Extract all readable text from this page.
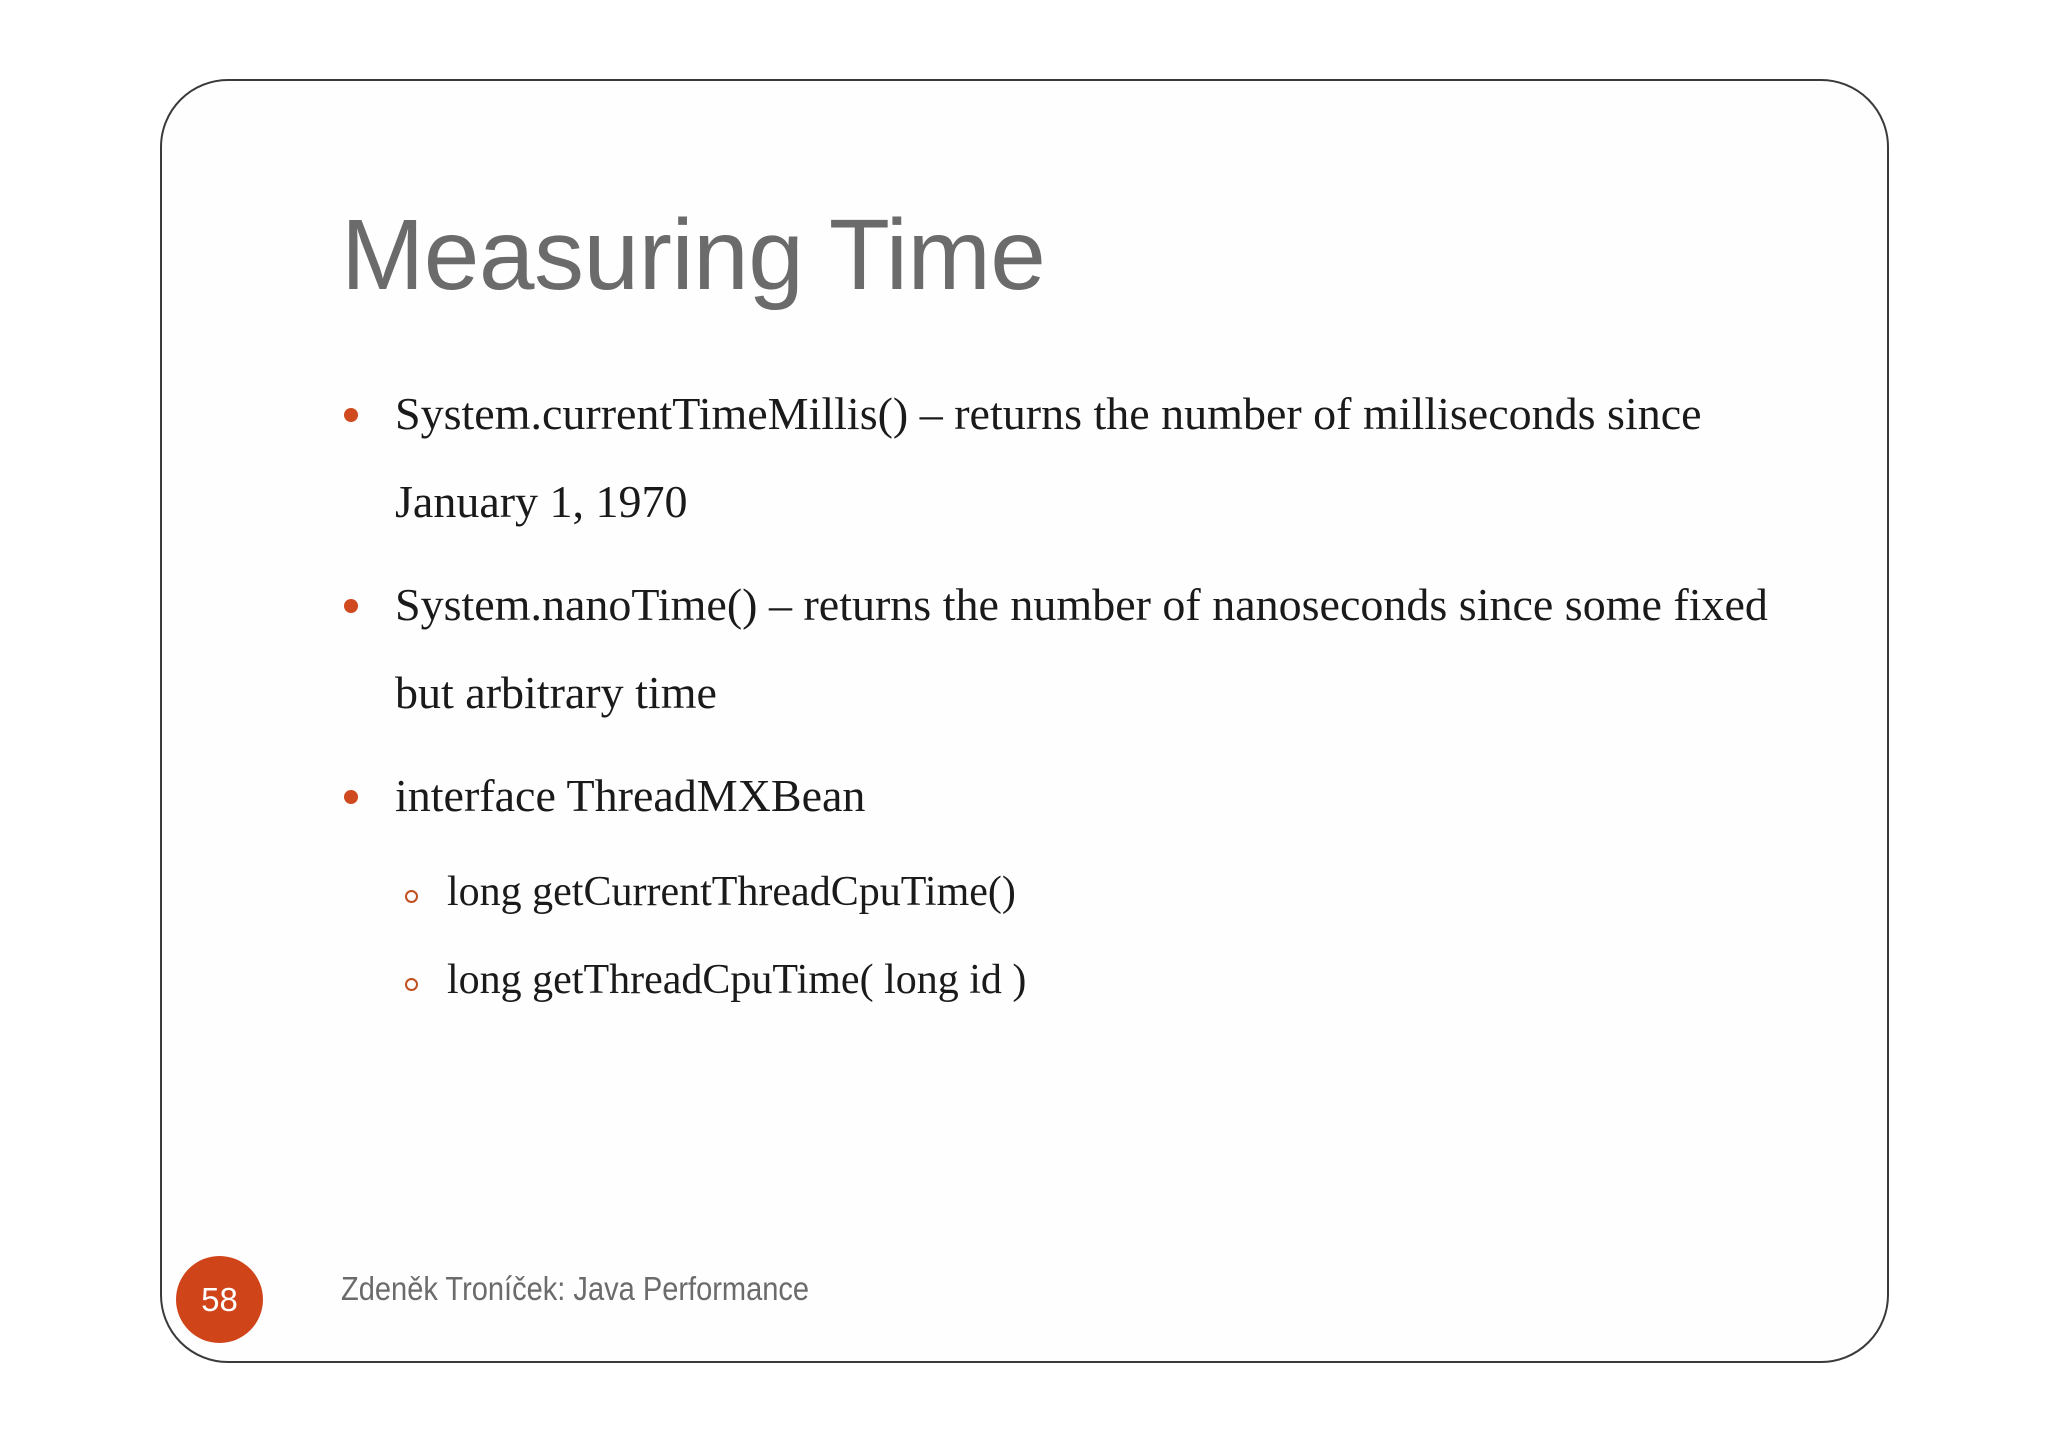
Measuring Time
System.currentTimeMillis() – returns the number of milliseconds since January 1, 1970
System.nanoTime() – returns the number of nanoseconds since some fixed but arbitrary time
interface ThreadMXBean
long getCurrentThreadCpuTime()
long getThreadCpuTime( long id )
58	Zdeněk Troníček: Java Performance
